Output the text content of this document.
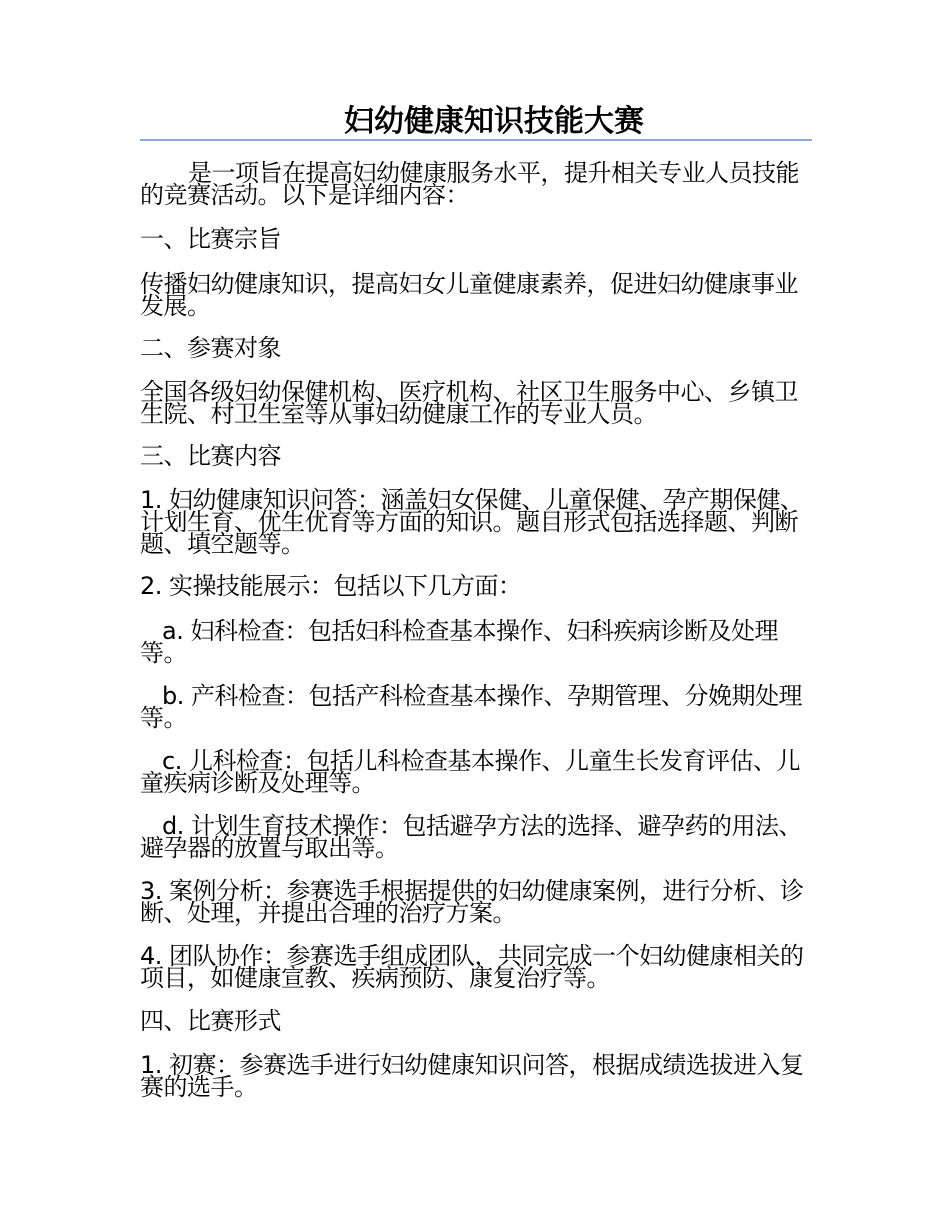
妇幼健康知识技能大赛
是一项旨在提高妇幼健康服务水平，提升相关专业人员技能的竞赛活动。以下是详细内容：
一、比赛宗旨
传播妇幼健康知识，提高妇女儿童健康素养，促进妇幼健康事业发展。
二、参赛对象
全国各级妇幼保健机构、医疗机构、社区卫生服务中心、乡镇卫生院、村卫生室等从事妇幼健康工作的专业人员。
三、比赛内容
1. 妇幼健康知识问答：涵盖妇女保健、儿童保健、孕产期保健、计划生育、优生优育等方面的知识。题目形式包括选择题、判断题、填空题等。
2. 实操技能展示：包括以下几方面：
a. 妇科检查：包括妇科检查基本操作、妇科疾病诊断及处理等。
b. 产科检查：包括产科检查基本操作、孕期管理、分娩期处理等。
c. 儿科检查：包括儿科检查基本操作、儿童生长发育评估、儿童疾病诊断及处理等。
d. 计划生育技术操作：包括避孕方法的选择、避孕药的用法、避孕器的放置与取出等。
3. 案例分析：参赛选手根据提供的妇幼健康案例，进行分析、诊断、处理，并提出合理的治疗方案。
4. 团队协作：参赛选手组成团队，共同完成一个妇幼健康相关的项目，如健康宣教、疾病预防、康复治疗等。
四、比赛形式
1. 初赛：参赛选手进行妇幼健康知识问答，根据成绩选拔进入复赛的选手。
